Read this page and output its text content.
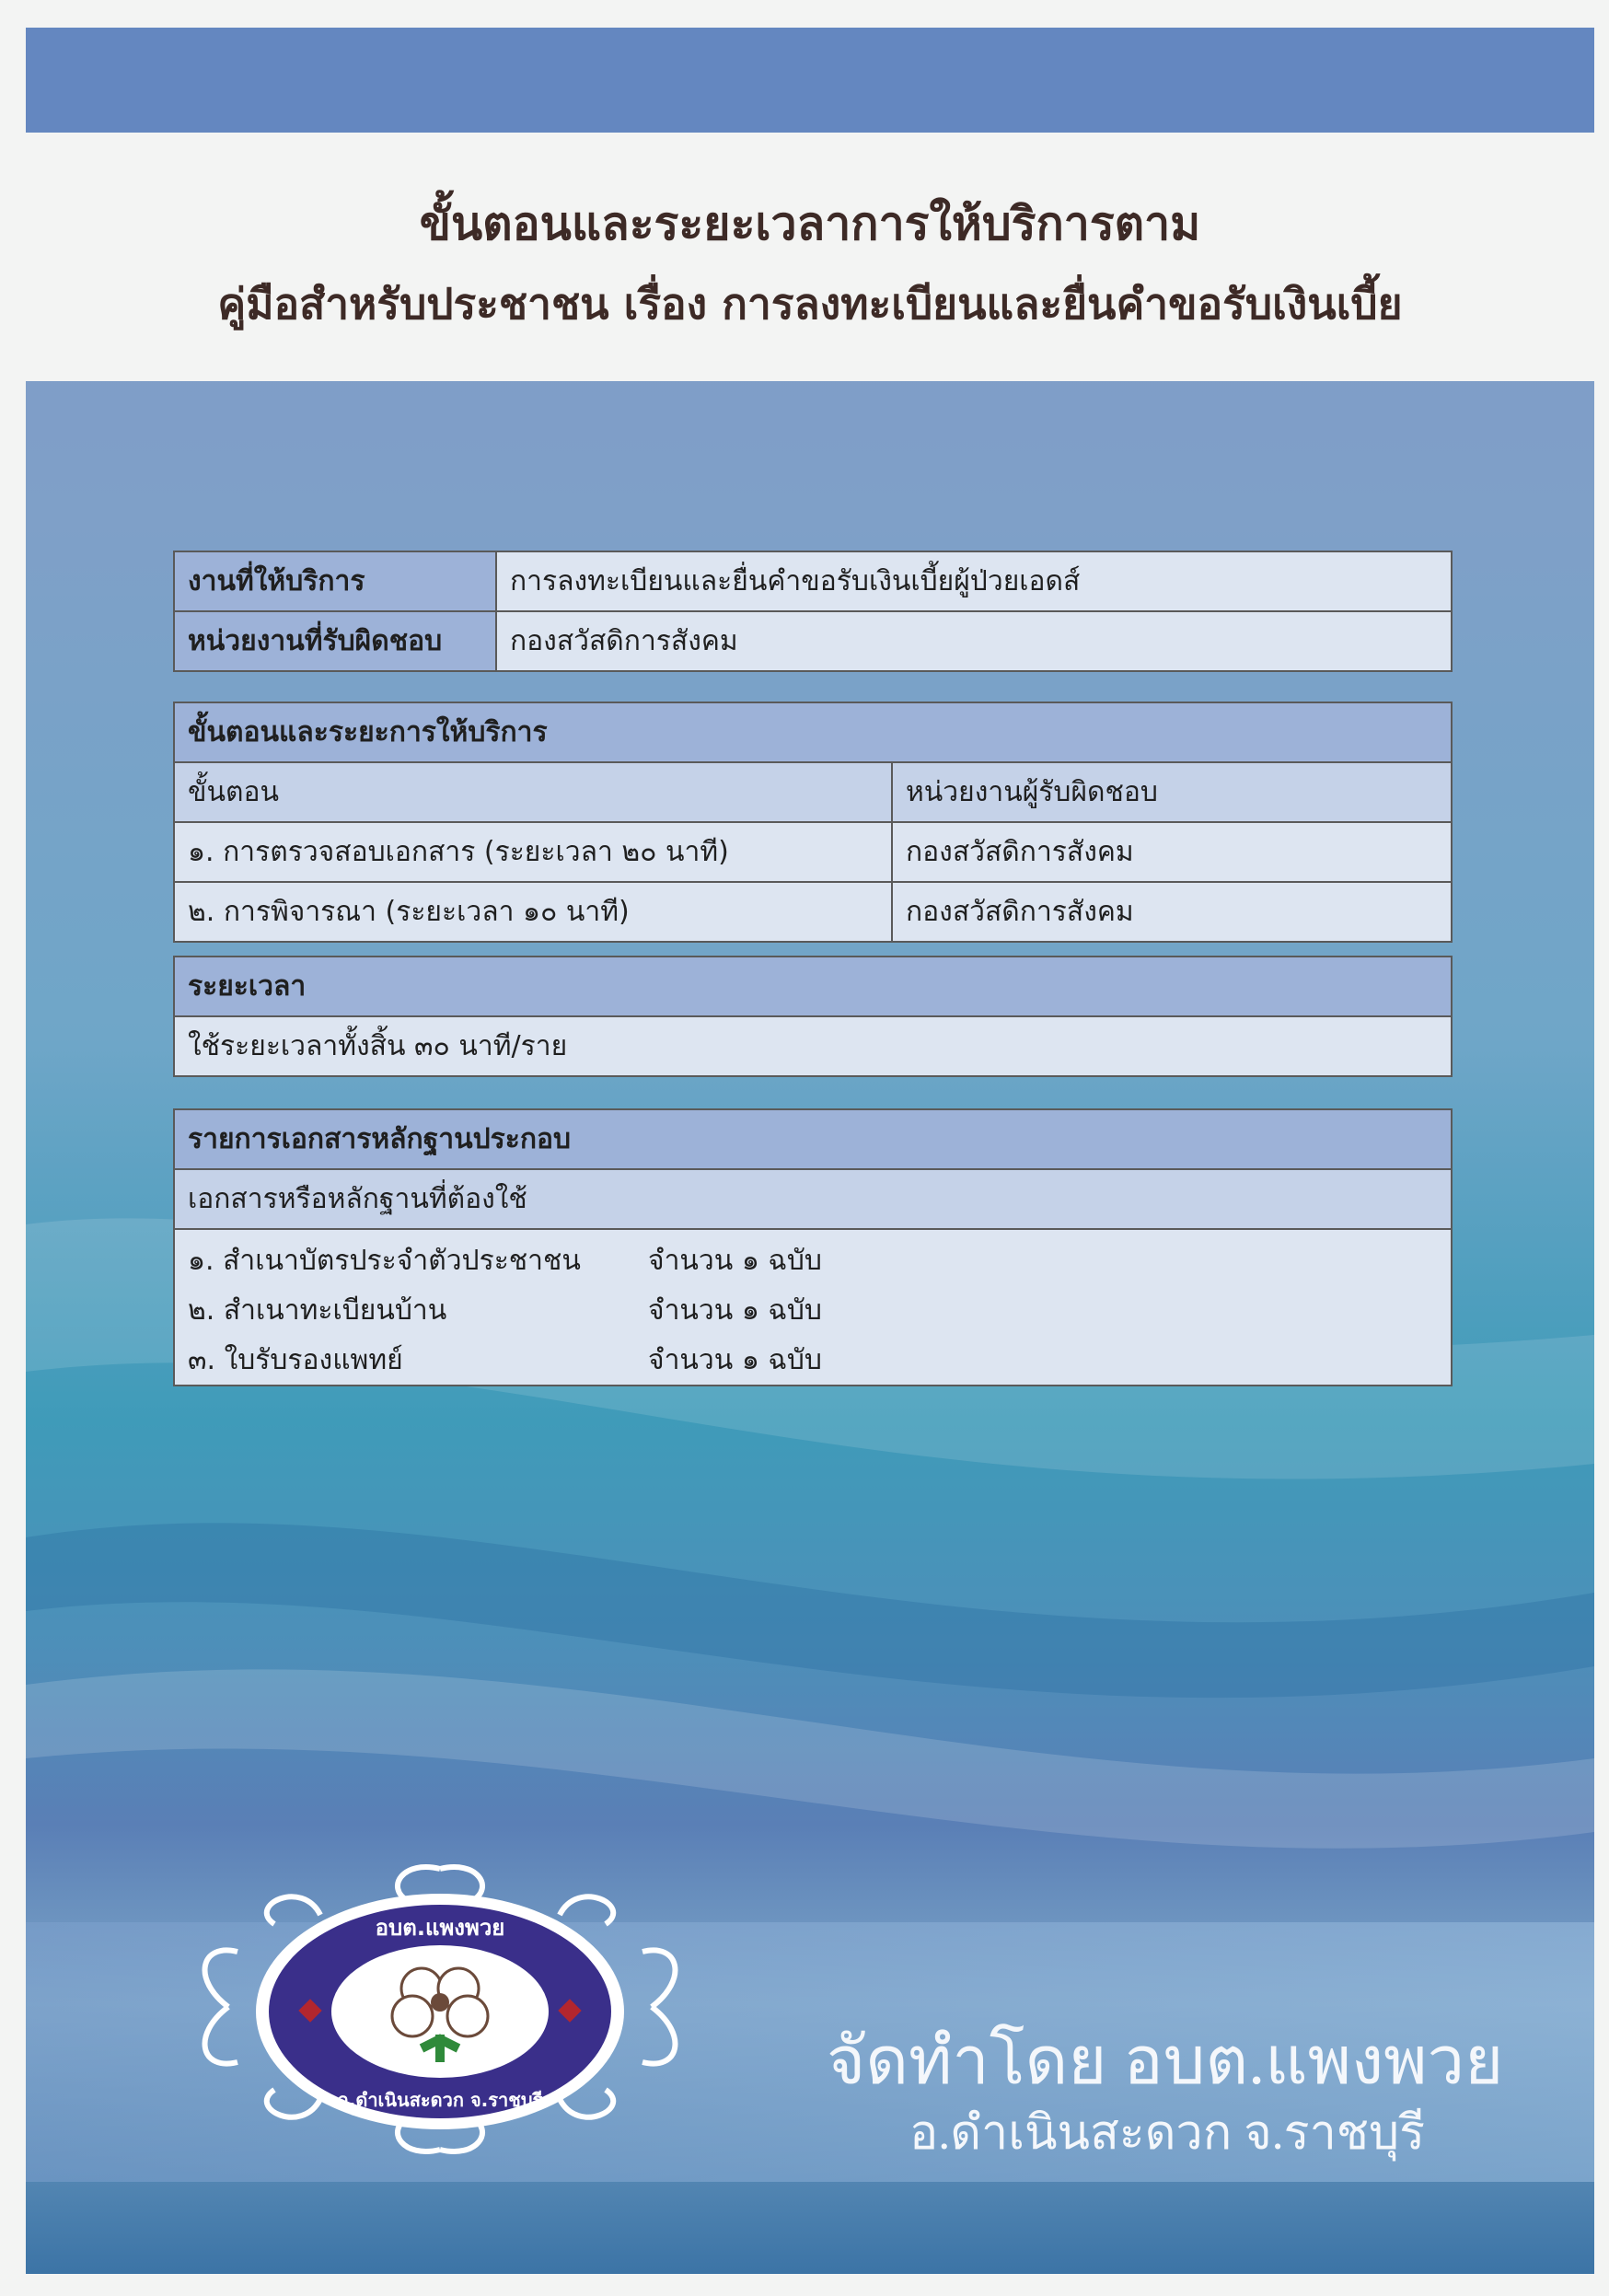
ขั้นตอนและระยะเวลาการให้บริการตาม
คู่มือสำหรับประชาชน เรื่อง การลงทะเบียนและยื่นคำขอรับเงินเบี้ย
งานที่ให้บริการ	การลงทะเบียนและยื่นคำขอรับเงินเบี้ยผู้ป่วยเอดส์
หน่วยงานที่รับผิดชอบ	กองสวัสดิการสังคม
ขั้นตอนและระยะการให้บริการ	
ขั้นตอน	หน่วยงานผู้รับผิดชอบ
๑. การตรวจสอบเอกสาร (ระยะเวลา ๒๐ นาที)	กองสวัสดิการสังคม
๒. การพิจารณา (ระยะเวลา ๑๐ นาที)	กองสวัสดิการสังคม
ระยะเวลา
ใช้ระยะเวลาทั้งสิ้น ๓๐ นาที/ราย
รายการเอกสารหลักฐานประกอบ
เอกสารหรือหลักฐานที่ต้องใช้

๑. สำเนาบัตรประจำตัวประชาชน	จำนวน ๑ ฉบับ
๒. สำเนาทะเบียนบ้าน	จำนวน ๑ ฉบับ
๓. ใบรับรองแพทย์	จำนวน ๑ ฉบับ
อบต.แพงพวย
อ.ดำเนินสะดวก จ.ราชบุรี
จัดทำโดย อบต.แพงพวย
อ.ดำเนินสะดวก จ.ราชบุรี
